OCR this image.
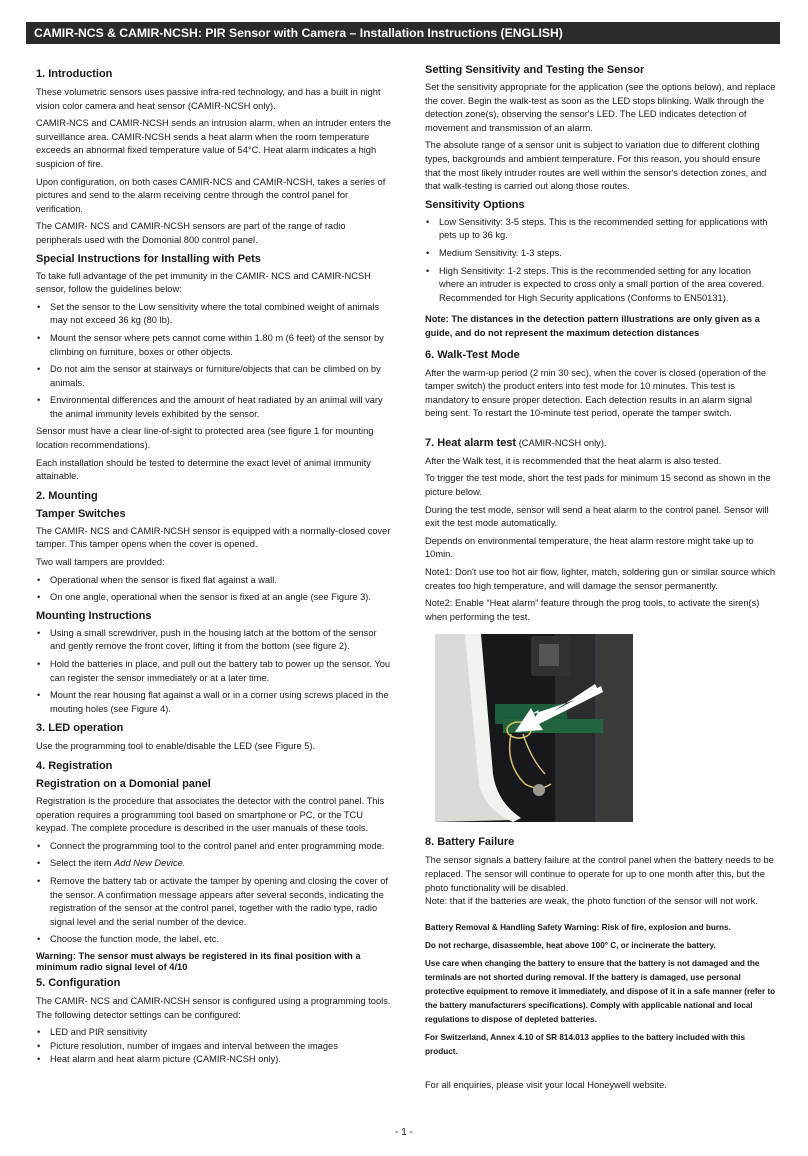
CAMIR-NCS & CAMIR-NCSH: PIR Sensor with Camera – Installation Instructions (ENGLISH)
1. Introduction

These volumetric sensors uses passive infra-red technology, and has a built in night vision color camera and heat sensor (CAMIR-NCSH only).

CAMIR-NCS and CAMIR-NCSH sends an intrusion alarm, when an intruder enters the surveillance area. CAMIR-NCSH sends a heat alarm when the room temperature exceeds an abnormal fixed temperature value of 54°C. Heat alarm indicates a high suspicion of fire.

Upon configuration, on both cases CAMIR-NCS and CAMIR-NCSH, takes a series of pictures and send to the alarm receiving centre through the control panel for verification.

The CAMIR- NCS and CAMIR-NCSH sensors are part of the range of radio peripherals used with the Domonial 800 control panel.

Special Instructions for Installing with Pets

To take full advantage of the pet immunity in the CAMIR- NCS and CAMIR-NCSH sensor, follow the guidelines below:

• Set the sensor to the Low sensitivity where the total combined weight of animals may not exceed 36 kg (80 lb).
• Mount the sensor where pets cannot come within 1.80 m (6 feet) of the sensor by climbing on furniture, boxes or other objects.
• Do not aim the sensor at stairways or furniture/objects that can be climbed on by animals.
• Environmental differences and the amount of heat radiated by an animal will vary the animal immunity levels exhibited by the sensor.

Sensor must have a clear line-of-sight to protected area (see figure 1 for mounting location recommendations).

Each installation should be tested to determine the exact level of animal immunity attainable.

2. Mounting
Tamper Switches

The CAMIR- NCS and CAMIR-NCSH sensor is equipped with a normally-closed cover tamper. This tamper opens when the cover is opened.

Two wall tampers are provided:

• Operational when the sensor is fixed flat against a wall.
• On one angle, operational when the sensor is fixed at an angle (see Figure 3).
Mounting Instructions
• Using a small screwdriver, push in the housing latch at the bottom of the sensor and gently remove the front cover, lifting it from the bottom (see figure 2).
• Hold the batteries in place, and pull out the battery tab to power up the sensor. You can register the sensor immediately or at a later time.
• Mount the rear housing flat against a wall or in a corner using screws placed in the mouting holes (see Figure 4).
3. LED operation

Use the programming tool to enable/disable the LED (see Figure 5).

4. Registration
Registration on a Domonial panel

Registration is the procedure that associates the detector with the control panel. This operation requires a programming tool based on smartphone or PC, or the TCU keypad. The complete procedure is described in the user manuals of these tools.

• Connect the programming tool to the control panel and enter programming mode.
• Select the item Add New Device.
• Remove the battery tab or activate the tamper by opening and closing the cover of the sensor. A confirmation message appears after several seconds, indicating the registration of the sensor at the control panel, together with the radio type, radio signal level and the serial number of the device.
• Choose the function mode, the label, etc.

Warning: The sensor must always be registered in its final position with a minimum radio signal level of 4/10

5. Configuration

The CAMIR- NCS and CAMIR-NCSH sensor is configured using a programming tools. The following detector settings can be configured:

• LED and PIR sensitivity
• Picture resolution, number of imgaes and interval between the images
• Heat alarm and heat alarm picture (CAMIR-NCSH only).
Setting Sensitivity and Testing the Sensor

Set the sensitivity appropriate for the application (see the options below), and replace the cover. Begin the walk-test as soon as the LED stops blinking. Walk through the detection zone(s), observing the sensor's LED. The LED indicates detection of movement and transmission of an alarm.

The absolute range of a sensor unit is subject to variation due to different clothing types, backgrounds and ambient temperature. For this reason, you should ensure that the most likely intruder routes are well within the sensor's detection zones, and that walk-testing is carried out along those routes.

Sensitivity Options
• Low Sensitivity: 3-5 steps. This is the recommended setting for applications with pets up to 36 kg.
• Medium Sensitivity. 1-3 steps.
• High Sensitivity: 1-2 steps. This is the recommended setting for any location where an intruder is expected to cross only a small portion of the area covered. Recommended for High Security applications (Conforms to EN50131).

Note: The distances in the detection pattern illustrations are only given as a guide, and do not represent the maximum detection distances

6. Walk-Test Mode

After the warm-up period (2 min 30 sec), when the cover is closed (operation of the tamper switch) the product enters into test mode for 10 minutes. This test is mandatory to ensure proper detection. Each detection results in an alarm signal being sent. To restart the 10-minute test period, operate the tamper switch.

7. Heat alarm test (CAMIR-NCSH only).

After the Walk test, it is recommended that the heat alarm is also tested.

To trigger the test mode, short the test pads for minimum 15 second as shown in the picture below.

During the test mode, sensor will send a heat alarm to the control panel. Sensor will exit the test mode automatically.

Depends on environmental temperature, the heat alarm restore might take up to 10min.

Note1: Don't use too hot air flow, lighter, match, soldering gun or similar source which creates too high temperature, and will damage the sensor permanently.

Note2: Enable “Heat alarm” feature through the prog tools, to activate the siren(s) when performing the test.

8. Battery Failure

The sensor signals a battery failure at the control panel when the battery needs to be replaced. The sensor will continue to operate for up to one month after this, but the photo functionality will be disabled.

Note: that if the batteries are weak, the photo function of the sensor will not work.

Battery Removal & Handling Safety Warning: Risk of fire, explosion and burns.

Do not recharge, disassemble, heat above 100° C, or incinerate the battery.

Use care when changing the battery to ensure that the battery is not damaged and the terminals are not shorted during removal. If the battery is damaged, use personal protective equipment to remove it immediately, and dispose of it in a safe manner (refer to the battery manufacturers specifications). Comply with applicable national and local regulations to dispose of depleted batteries.

For Switzerland, Annex 4.10 of SR 814.013 applies to the battery included with this product.

For all enquiries, please visit your local Honeywell website.

- 1 -
